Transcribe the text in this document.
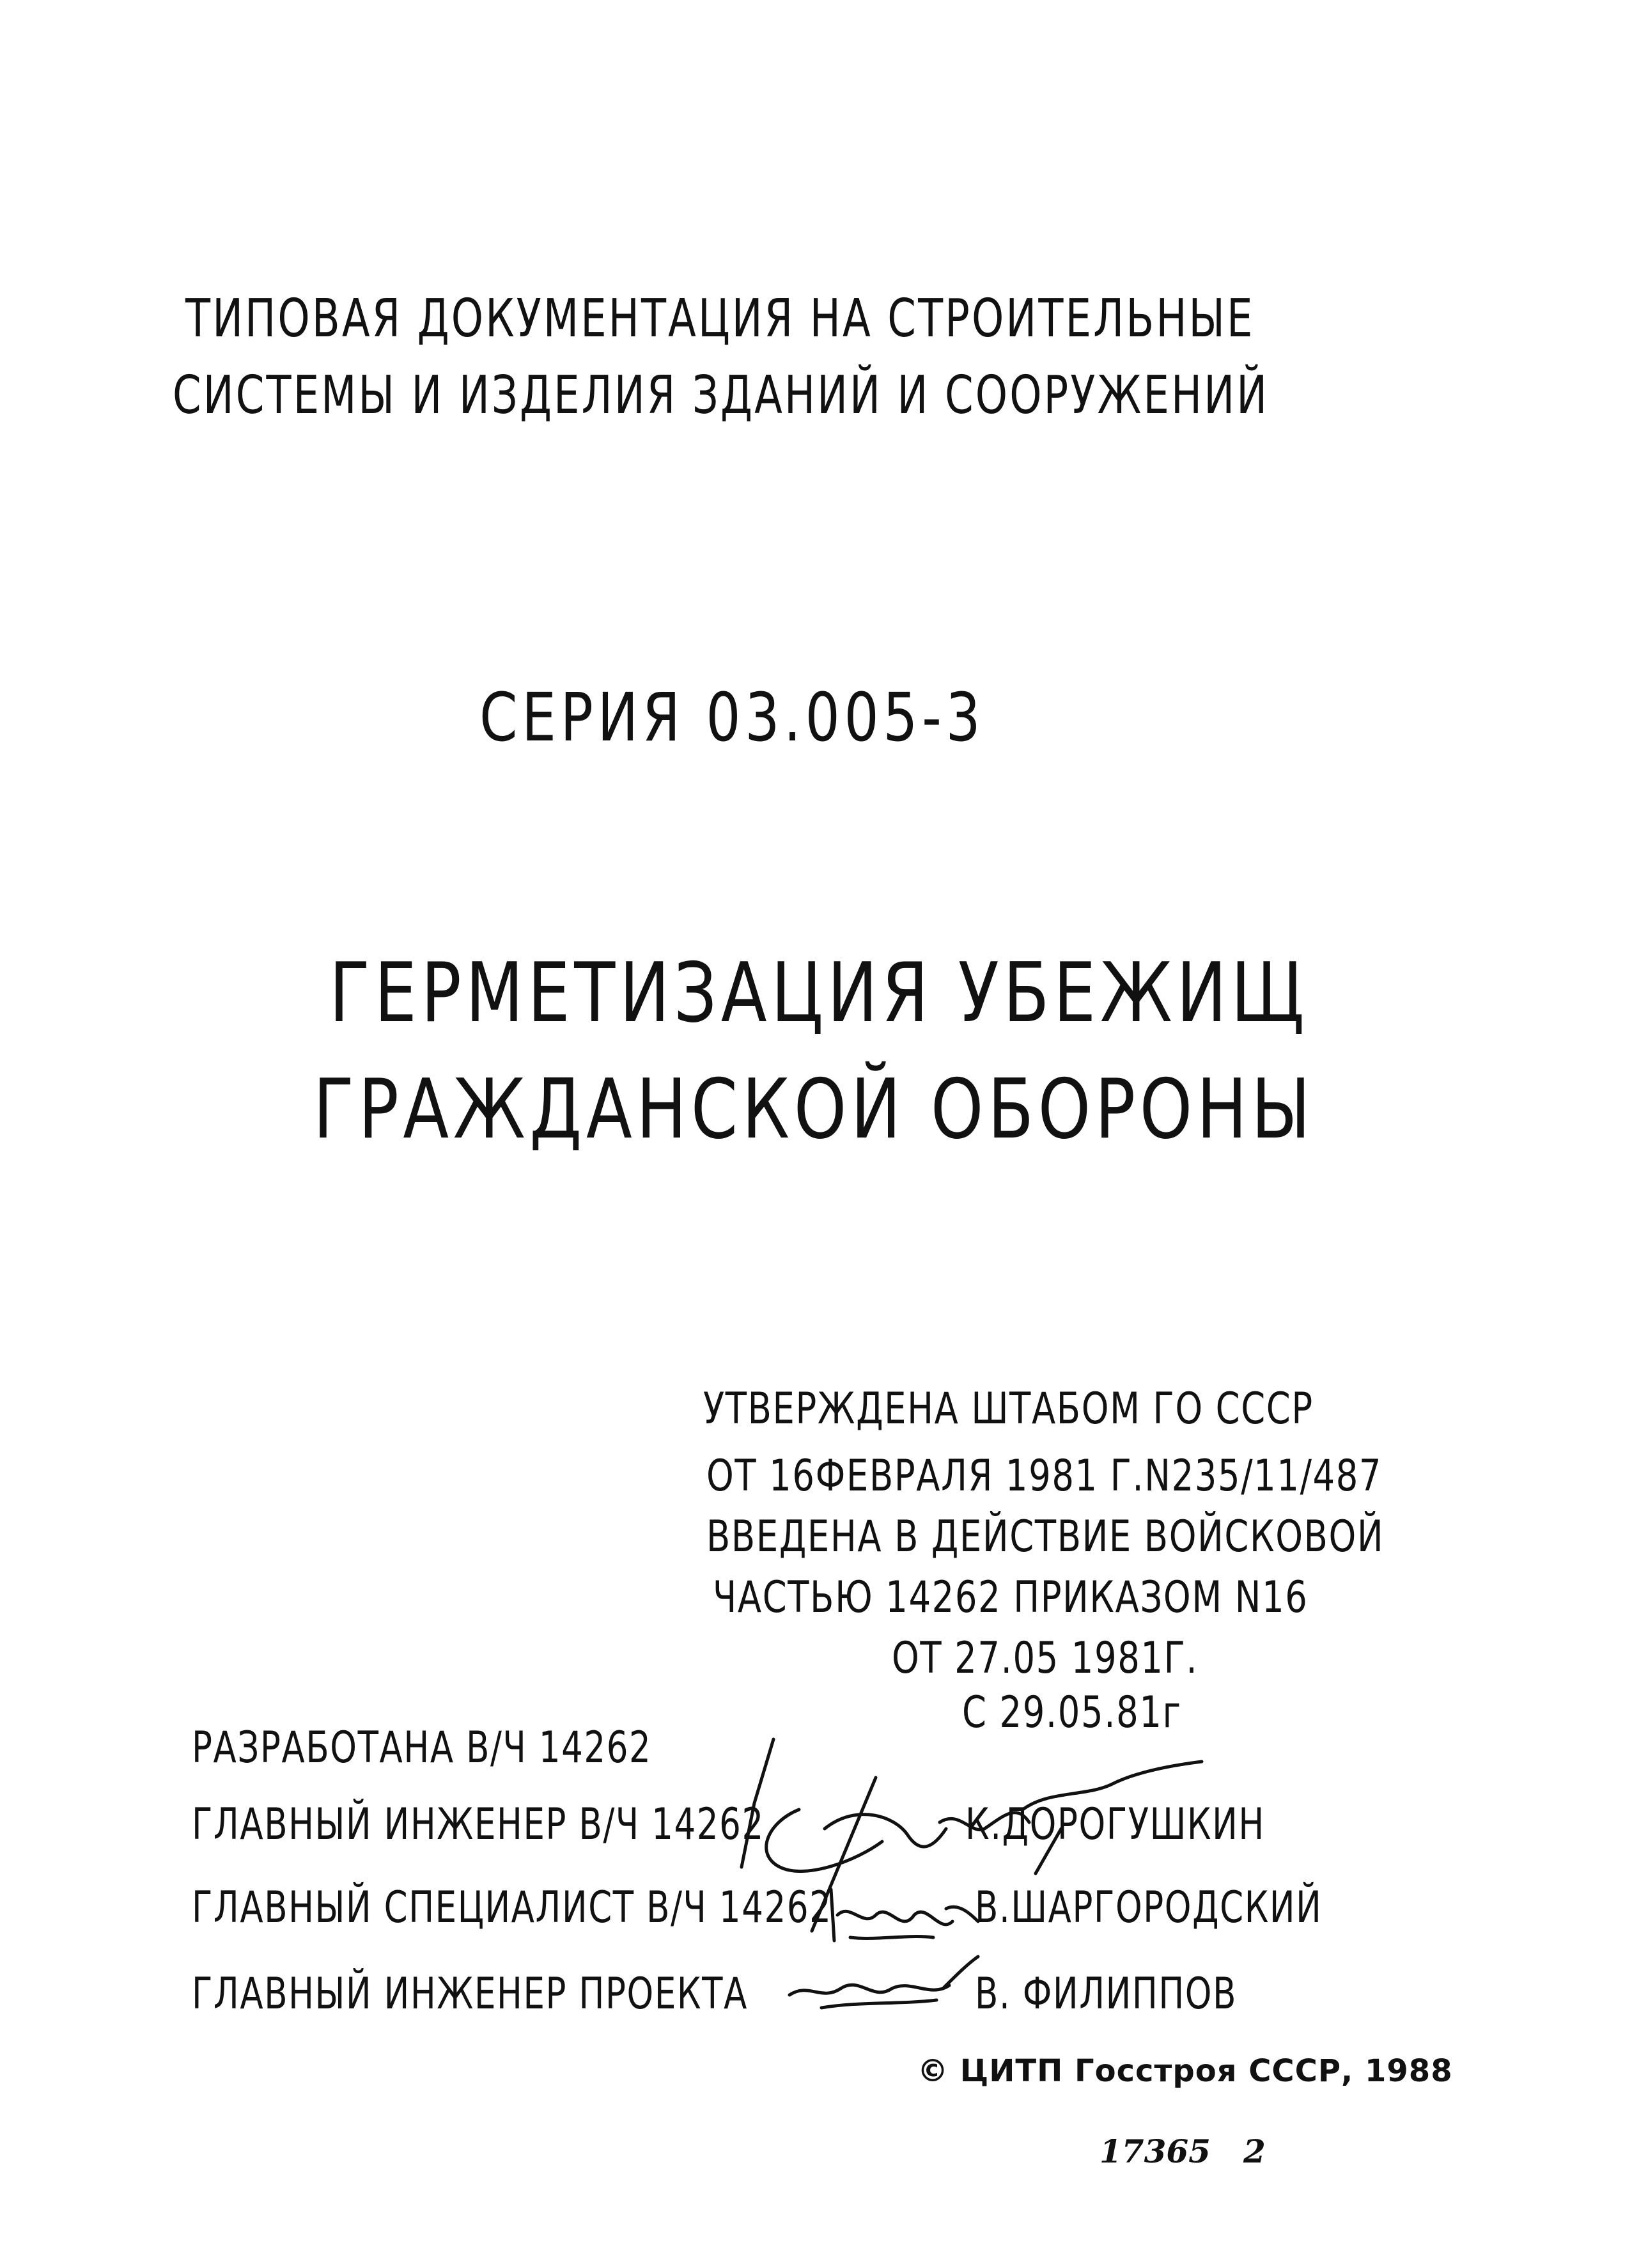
ТИПОВАЯ ДОКУМЕНТАЦИЯ НА СТРОИТЕЛЬНЫЕ
СИСТЕМЫ И ИЗДЕЛИЯ ЗДАНИЙ И СООРУЖЕНИЙ
СЕРИЯ 03.005-3
ГЕРМЕТИЗАЦИЯ УБЕЖИЩ
ГРАЖДАНСКОЙ ОБОРОНЫ
УТВЕРЖДЕНА ШТАБОМ ГО СССР
ОТ 16ФЕВРАЛЯ 1981 Г.N235/11/487
ВВЕДЕНА В ДЕЙСТВИЕ ВОЙСКОВОЙ
ЧАСТЬЮ 14262 ПРИКАЗОМ N16
ОТ 27.05 1981Г.
С 29.05.81г
РАЗРАБОТАНА В/Ч 14262
ГЛАВНЫЙ ИНЖЕНЕР В/Ч 14262	К.ДОРОГУШКИН
ГЛАВНЫЙ СПЕЦИАЛИСТ В/Ч 14262	В.ШАРГОРОДСКИЙ
ГЛАВНЫЙ ИНЖЕНЕР ПРОЕКТА	В. ФИЛИППОВ
© ЦИТП Госстроя СССР, 1988
17365 2
